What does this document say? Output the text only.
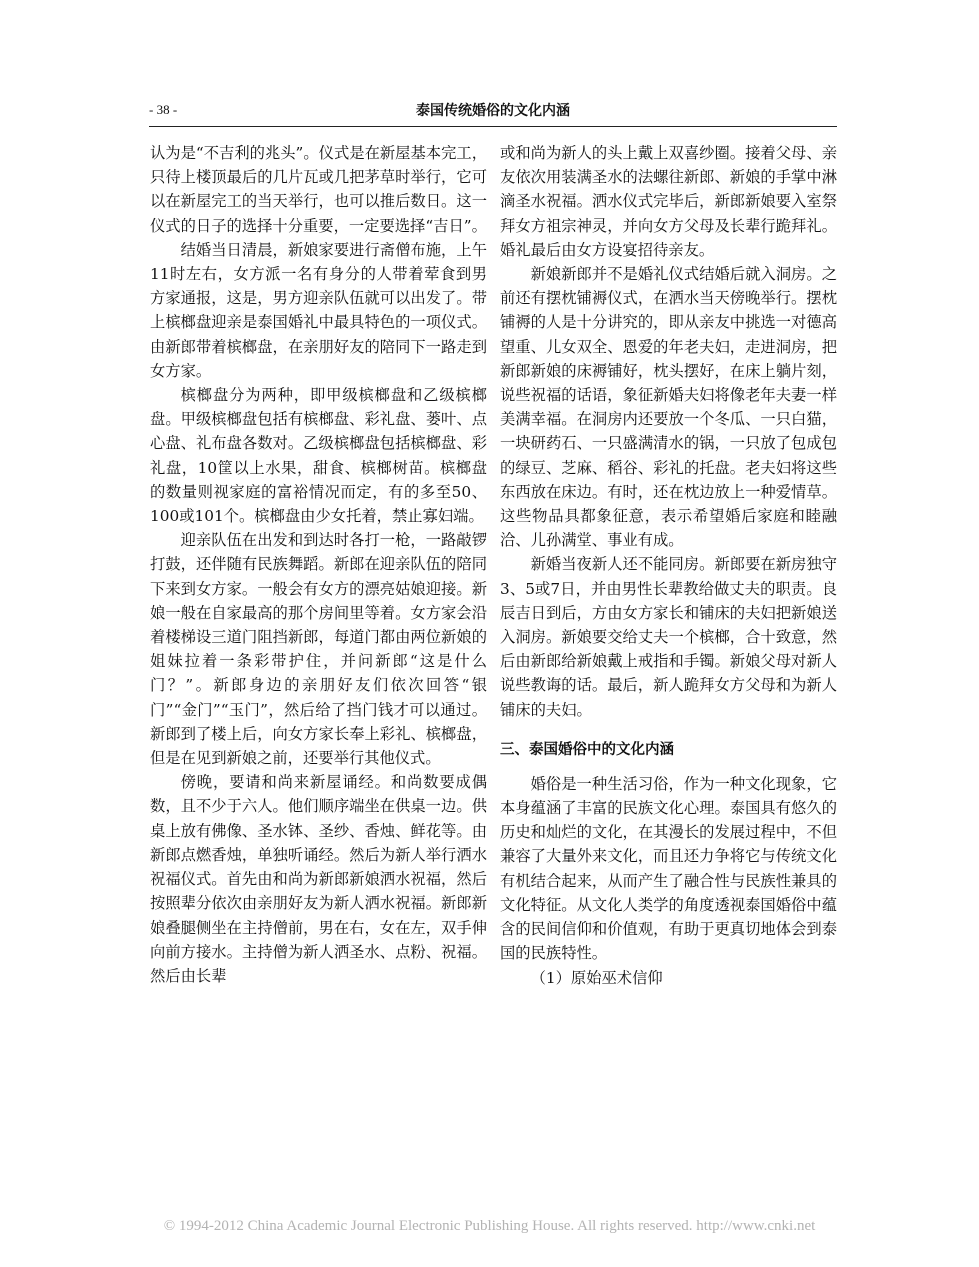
- 38 -	泰国传统婚俗的文化内涵

认为是“不吉利的兆头”。仪式是在新屋基本完工，只待上楼顶最后的几片瓦或几把茅草时举行，它可以在新屋完工的当天举行，也可以推后数日。这一仪式的日子的选择十分重要，一定要选择“吉日”。

结婚当日清晨，新娘家要进行斋僧布施，上午11时左右，女方派一名有身分的人带着荤食到男方家通报，这是，男方迎亲队伍就可以出发了。带上槟榔盘迎亲是泰国婚礼中最具特色的一项仪式。由新郎带着槟榔盘，在亲朋好友的陪同下一路走到女方家。

槟榔盘分为两种，即甲级槟榔盘和乙级槟榔盘。甲级槟榔盘包括有槟榔盘、彩礼盘、蒌叶、点心盘、礼布盘各数对。乙级槟榔盘包括槟榔盘、彩礼盘，10筐以上水果，甜食、槟榔树苗。槟榔盘的数量则视家庭的富裕情况而定，有的多至50、100或101个。槟榔盘由少女托着，禁止寡妇端。

迎亲队伍在出发和到达时各打一枪，一路敲锣打鼓，还伴随有民族舞蹈。新郎在迎亲队伍的陪同下来到女方家。一般会有女方的漂亮姑娘迎接。新娘一般在自家最高的那个房间里等着。女方家会沿着楼梯设三道门阻挡新郎，每道门都由两位新娘的姐妹拉着一条彩带护住，并问新郎“这是什么门？”。新郎身边的亲朋好友们依次回答“银门”“金门”“玉门”，然后给了挡门钱才可以通过。新郎到了楼上后，向女方家长奉上彩礼、槟榔盘，但是在见到新娘之前，还要举行其他仪式。

傍晚，要请和尚来新屋诵经。和尚数要成偶数，且不少于六人。他们顺序端坐在供桌一边。供桌上放有佛像、圣水钵、圣纱、香烛、鲜花等。由新郎点燃香烛，单独听诵经。然后为新人举行洒水祝福仪式。首先由和尚为新郎新娘洒水祝福，然后按照辈分依次由亲朋好友为新人洒水祝福。新郎新娘叠腿侧坐在主持僧前，男在右，女在左，双手伸向前方接水。主持僧为新人洒圣水、点粉、祝福。然后由长辈

或和尚为新人的头上戴上双喜纱圈。接着父母、亲友依次用装满圣水的法螺往新郎、新娘的手掌中淋滴圣水祝福。洒水仪式完毕后，新郎新娘要入室祭拜女方祖宗神灵，并向女方父母及长辈行跪拜礼。婚礼最后由女方设宴招待亲友。

新娘新郎并不是婚礼仪式结婚后就入洞房。之前还有摆枕铺褥仪式，在洒水当天傍晚举行。摆枕铺褥的人是十分讲究的，即从亲友中挑选一对德高望重、儿女双全、恩爱的年老夫妇，走进洞房，把新郎新娘的床褥铺好，枕头摆好，在床上躺片刻，说些祝福的话语，象征新婚夫妇将像老年夫妻一样美满幸福。在洞房内还要放一个冬瓜、一只白猫，一块研药石、一只盛满清水的锅，一只放了包成包的绿豆、芝麻、稻谷、彩礼的托盘。老夫妇将这些东西放在床边。有时，还在枕边放上一种爱情草。这些物品具都象征意，表示希望婚后家庭和睦融洽、儿孙满堂、事业有成。

新婚当夜新人还不能同房。新郎要在新房独守3、5或7日，并由男性长辈教给做丈夫的职责。良辰吉日到后，方由女方家长和铺床的夫妇把新娘送入洞房。新娘要交给丈夫一个槟榔，合十致意，然后由新郎给新娘戴上戒指和手镯。新娘父母对新人说些教诲的话。最后，新人跪拜女方父母和为新人铺床的夫妇。

三、泰国婚俗中的文化内涵

婚俗是一种生活习俗，作为一种文化现象，它本身蕴涵了丰富的民族文化心理。泰国具有悠久的历史和灿烂的文化，在其漫长的发展过程中，不但兼容了大量外来文化，而且还力争将它与传统文化有机结合起来，从而产生了融合性与民族性兼具的文化特征。从文化人类学的角度透视泰国婚俗中蕴含的民间信仰和价值观，有助于更真切地体会到泰国的民族特性。

（1）原始巫术信仰

© 1994-2012 China Academic Journal Electronic Publishing House. All rights reserved. http://www.cnki.net
